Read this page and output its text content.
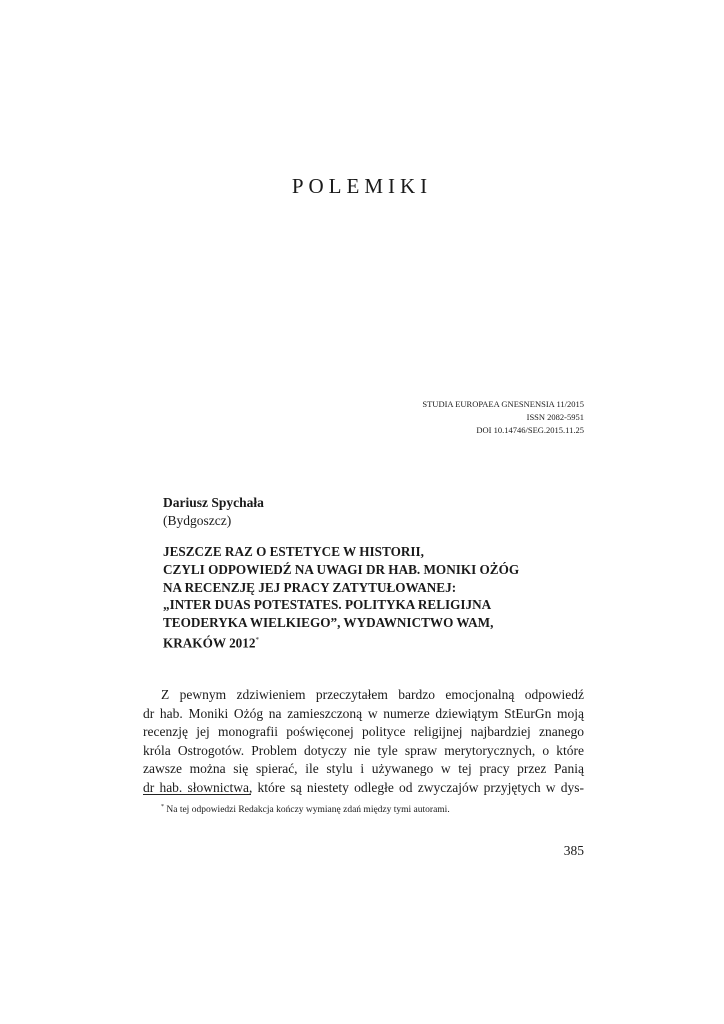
POLEMIKI
STUDIA EUROPAEA GNESNENSIA 11/2015
ISSN 2082-5951
DOI 10.14746/SEG.2015.11.25
Dariusz Spychała
(Bydgoszcz)
JESZCZE RAZ O ESTETYCE W HISTORII,
CZYLI ODPOWIEDŹ NA UWAGI DR HAB. MONIKI OŻÓG
NA RECENZJĘ JEJ PRACY ZATYTUŁOWANEJ:
„INTER DUAS POTESTATES. POLITYKA RELIGIJNA
TEODERYKA WIELKIEGO”, WYDAWNICTWO WAM,
KRAKÓW 2012*

Z pewnym zdziwieniem przeczytałem bardzo emocjonalną odpowiedź
dr hab. Moniki Ożóg na zamieszczoną w numerze dziewiątym StEurGn moją
recenzję jej monografii poświęconej polityce religijnej najbardziej znanego
króla Ostrogotów. Problem dotyczy nie tyle spraw merytorycznych, o które
zawsze można się spierać, ile stylu i używanego w tej pracy przez Panią
dr hab. słownictwa, które są niestety odległe od zwyczajów przyjętych w dys-

* Na tej odpowiedzi Redakcja kończy wymianę zdań między tymi autorami.
385
